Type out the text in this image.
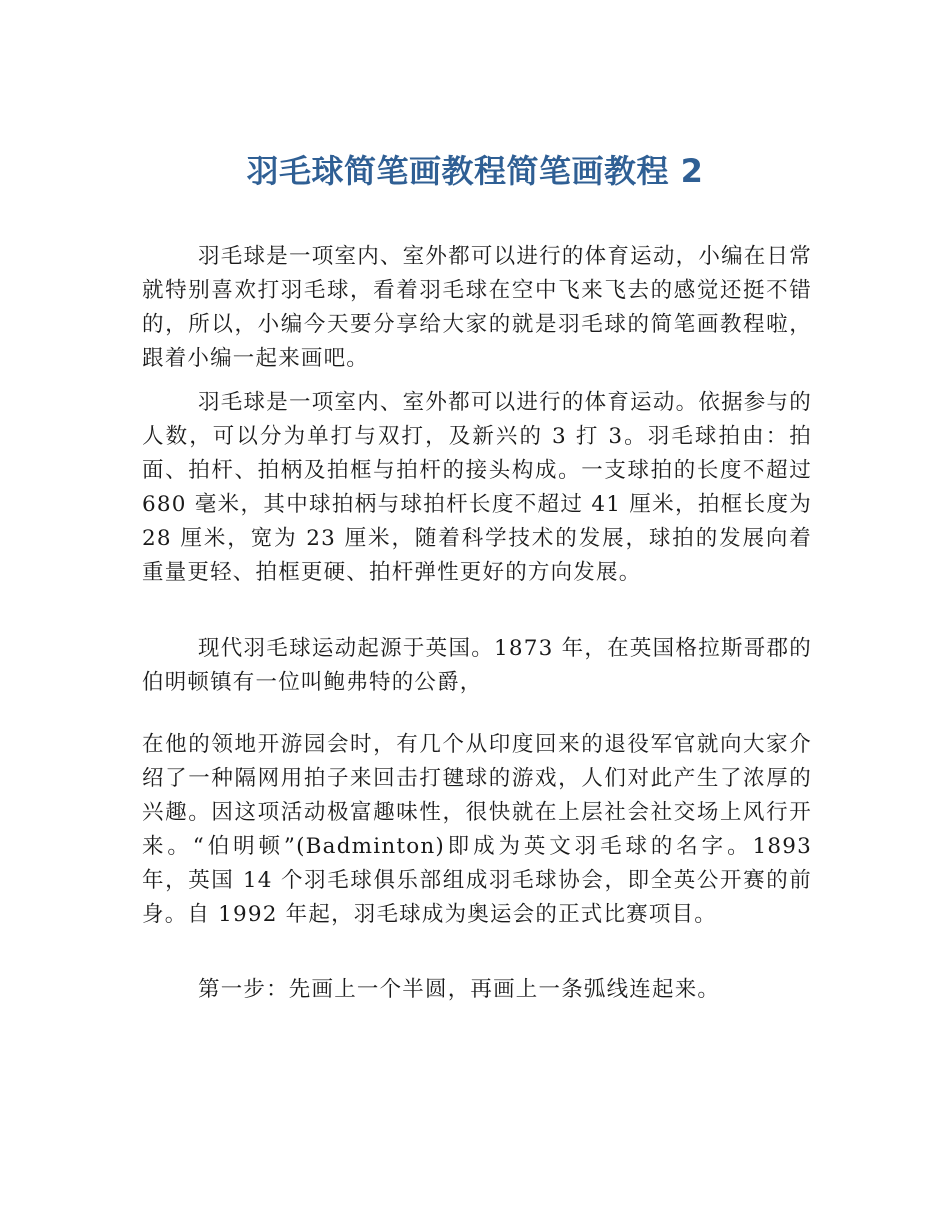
羽毛球简笔画教程简笔画教程 2

羽毛球是一项室内、室外都可以进行的体育运动，小编在日常就特别喜欢打羽毛球，看着羽毛球在空中飞来飞去的感觉还挺不错的，所以，小编今天要分享给大家的就是羽毛球的简笔画教程啦，跟着小编一起来画吧。

羽毛球是一项室内、室外都可以进行的体育运动。依据参与的人数，可以分为单打与双打，及新兴的 3 打 3。羽毛球拍由：拍面、拍杆、拍柄及拍框与拍杆的接头构成。一支球拍的长度不超过 680 毫米，其中球拍柄与球拍杆长度不超过 41 厘米，拍框长度为 28 厘米，宽为 23 厘米，随着科学技术的发展，球拍的发展向着重量更轻、拍框更硬、拍杆弹性更好的方向发展。

现代羽毛球运动起源于英国。1873 年，在英国格拉斯哥郡的伯明顿镇有一位叫鲍弗特的公爵，

在他的领地开游园会时，有几个从印度回来的退役军官就向大家介绍了一种隔网用拍子来回击打毽球的游戏，人们对此产生了浓厚的兴趣。因这项活动极富趣味性，很快就在上层社会社交场上风行开来。“伯明顿”(Badminton)即成为英文羽毛球的名字。1893 年，英国 14 个羽毛球俱乐部组成羽毛球协会，即全英公开赛的前身。自 1992 年起，羽毛球成为奥运会的正式比赛项目。

第一步：先画上一个半圆，再画上一条弧线连起来。
